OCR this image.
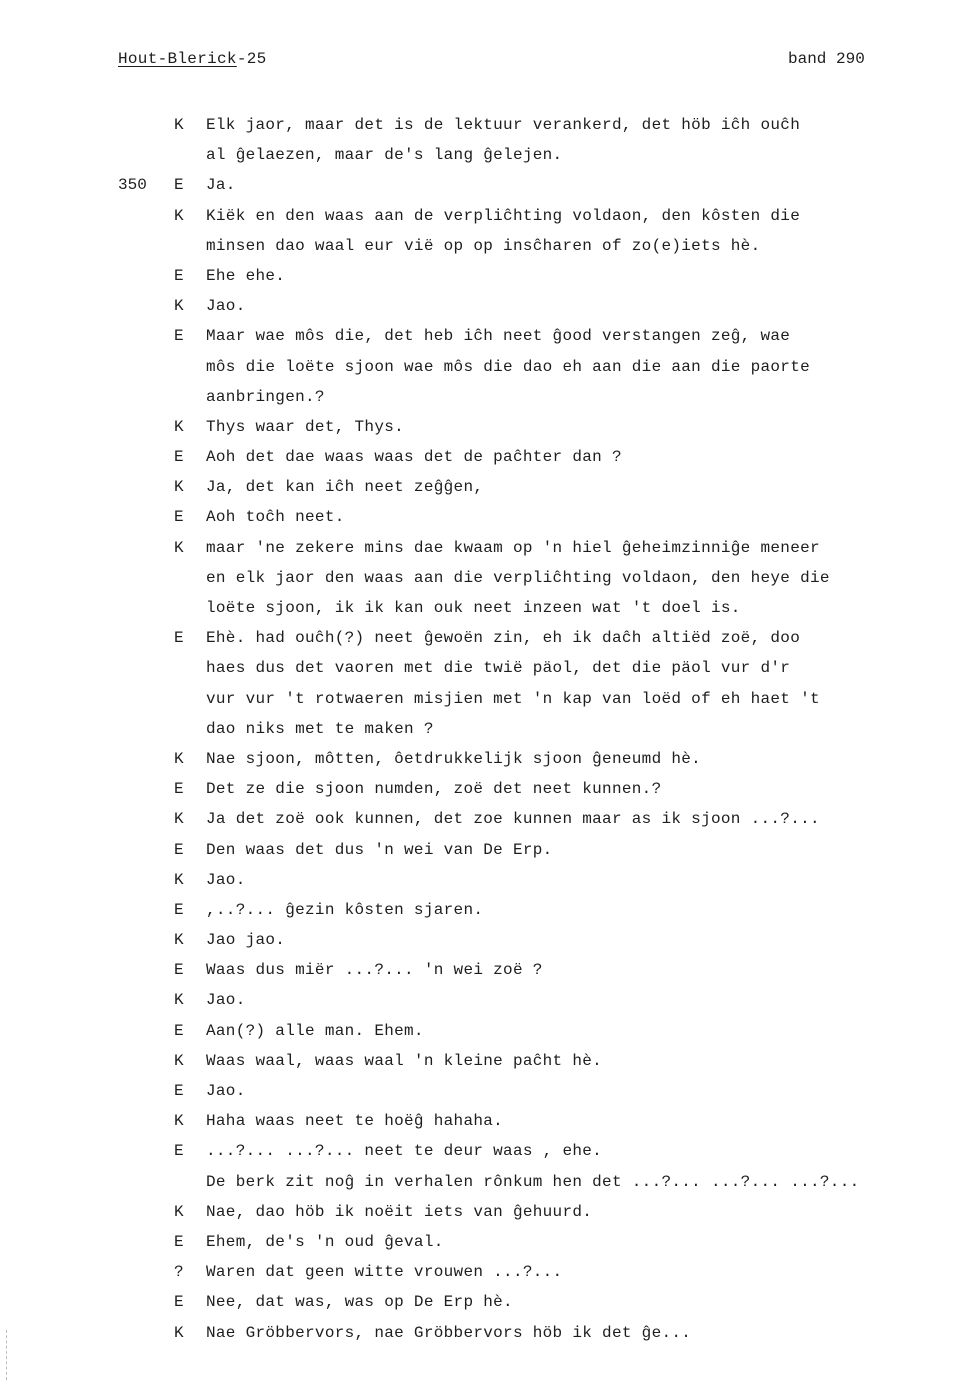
Hout-Blerick-25	band 290
K Elk jaor, maar det is de lektuur verankerd, det höb iĉh ouĉh
al ĝelaezen, maar de's lang ĝelejen.
350 E Ja.
K Kiëk en den waas aan de verpliĉhting voldaon, den kôsten die
minsen dao waal eur vië op op insĉharen of zo(e)iets hè.
E Ehe ehe.
K Jao.
E Maar wae môs die, det heb iĉh neet ĝood verstangen zeĝ, wae
môs die loëte sjoon wae môs die dao eh aan die aan die paorte
aanbringen.?
K Thys waar det, Thys.
E Aoh det dae waas waas det de paĉhter dan ?
K Ja, det kan iĉh neet zeĝĝen,
E Aoh toĉh neet.
K maar 'ne zekere mins dae kwaam op 'n hiel ĝeheimzinniĝe meneer
en elk jaor den waas aan die verpliĉhting voldaon, den heye die
loëte sjoon, ik ik kan ouk neet inzeen wat 't doel is.
E Ehè. had ouĉh(?) neet ĝewoën zin, eh ik daĉh altiëd zoë, doo
haes dus det vaoren met die twië päol, det die päol vur d'r
vur vur 't rotwaeren misjien met 'n kap van loëd of eh haet 't
dao niks met te maken ?
K Nae sjoon, môtten, ôetdrukkelijk sjoon ĝeneumd hè.
E Det ze die sjoon numden, zoë det neet kunnen.?
K Ja det zoë ook kunnen, det zoe kunnen maar as ik sjoon ...?...
E Den waas det dus 'n wei van De Erp.
K Jao.
E ,..?... ĝezin kôsten sjaren.
K Jao jao.
E Waas dus miër ...?... 'n wei zoë ?
K Jao.
E Aan(?) alle man. Ehem.
K Waas waal, waas waal 'n kleine paĉht hè.
E Jao.
K Haha waas neet te hoëĝ hahaha.
E ...?... ...?... neet te deur waas , ehe.
De berk zit noĝ in verhalen rônkum hen det ...?... ...?... ...?...
K Nae, dao höb ik noëit iets van ĝehuurd.
E Ehem, de's 'n oud ĝeval.
? Waren dat geen witte vrouwen ...?...
E Nee, dat was, was op De Erp hè.
K Nae Gröbbervors, nae Gröbbervors höb ik det ĝe...
